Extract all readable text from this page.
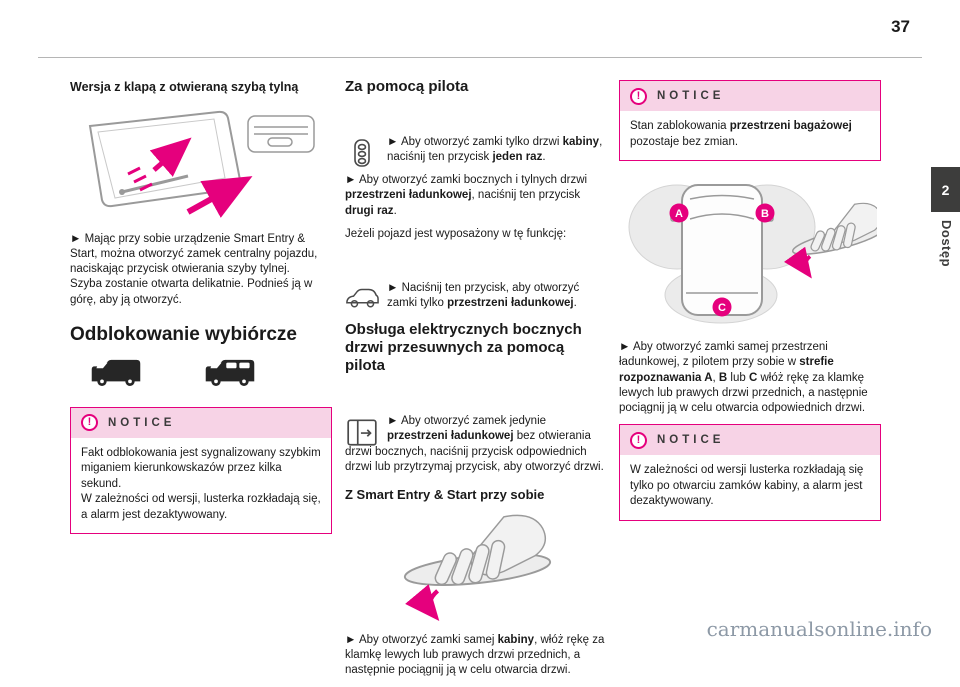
37
2
Dostęp
Wersja z klapą z otwieraną szybą tylną
► Mając przy sobie urządzenie Smart Entry & Start, można otworzyć zamek centralny pojazdu, naciskając przycisk otwierania szyby tylnej.
Szyba zostanie otwarta delikatnie. Podnieś ją w górę, aby ją otworzyć.
Odblokowanie wybiórcze
!	NOTICE
Fakt odblokowania jest sygnalizowany szybkim miganiem kierunkowskazów przez kilka sekund.
W zależności od wersji, lusterka rozkładają się, a alarm jest dezaktywowany.
Za pomocą pilota

► Aby otworzyć zamki tylko drzwi kabiny, naciśnij ten przycisk jeden raz.

► Aby otworzyć zamki bocznych i tylnych drzwi przestrzeni ładunkowej, naciśnij ten przycisk drugi raz.
Jeżeli pojazd jest wyposażony w tę funkcję:

► Naciśnij ten przycisk, aby otworzyć zamki tylko przestrzeni ładunkowej.

Obsługa elektrycznych bocznych drzwi przesuwnych za pomocą pilota

► Aby otworzyć zamek jedynie przestrzeni ładunkowej bez otwierania drzwi bocznych, naciśnij przycisk odpowiednich drzwi lub przytrzymaj przycisk, aby otworzyć drzwi.

Z Smart Entry & Start przy sobie
► Aby otworzyć zamki samej kabiny, włóż rękę za klamkę lewych lub prawych drzwi przednich, a następnie pociągnij ją w celu otwarcia drzwi.
!	NOTICE
Stan zablokowania przestrzeni bagażowej pozostaje bez zmian.
A	B
C
► Aby otworzyć zamki samej przestrzeni ładunkowej, z pilotem przy sobie w strefie rozpoznawania A, B lub C włóż rękę za klamkę lewych lub prawych drzwi przednich, a następnie pociągnij ją w celu otwarcia odpowiednich drzwi.
!	NOTICE
W zależności od wersji lusterka rozkładają się tylko po otwarciu zamków kabiny, a alarm jest dezaktywowany.
carmanualsonline.info
